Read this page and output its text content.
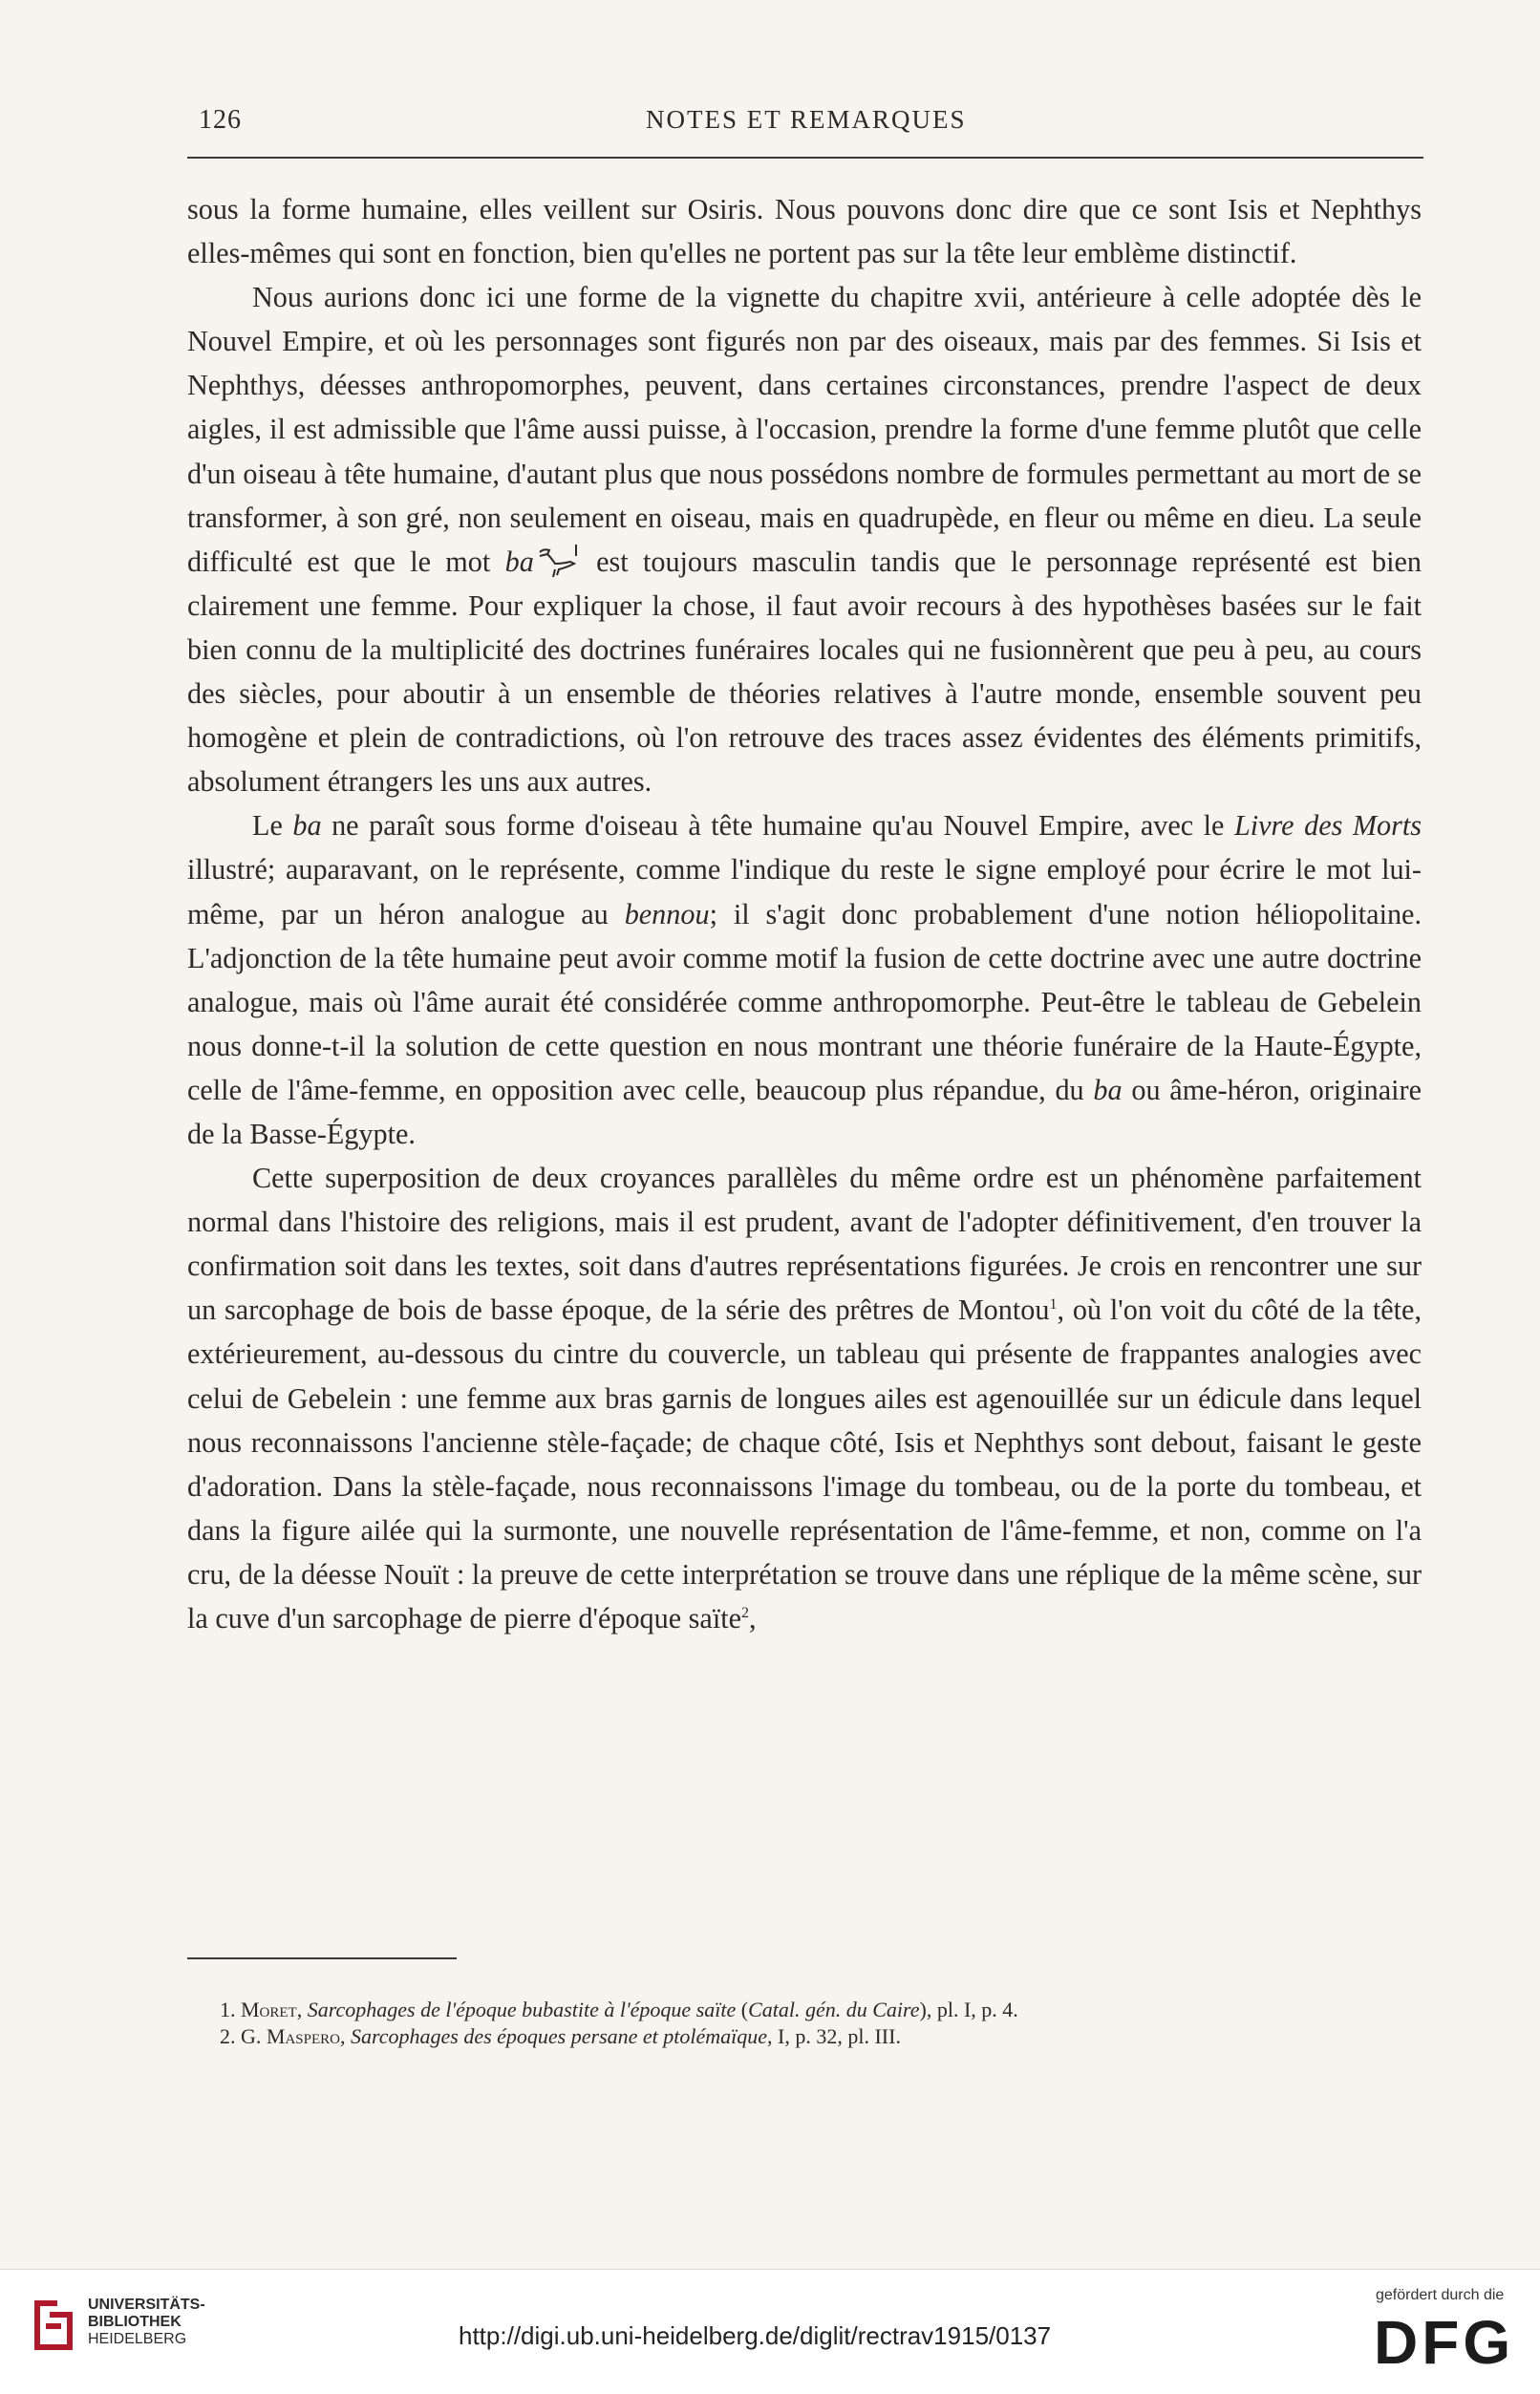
126	NOTES ET REMARQUES

sous la forme humaine, elles veillent sur Osiris. Nous pouvons donc dire que ce sont Isis et Nephthys elles-mêmes qui sont en fonction, bien qu'elles ne portent pas sur la tête leur emblème distinctif.

Nous aurions donc ici une forme de la vignette du chapitre xvii, antérieure à celle adoptée dès le Nouvel Empire, et où les personnages sont figurés non par des oiseaux, mais par des femmes. Si Isis et Nephthys, déesses anthropomorphes, peuvent, dans certaines circonstances, prendre l'aspect de deux aigles, il est admissible que l'âme aussi puisse, à l'occasion, prendre la forme d'une femme plutôt que celle d'un oiseau à tête humaine, d'autant plus que nous possédons nombre de formules permettant au mort de se transformer, à son gré, non seulement en oiseau, mais en quadrupède, en fleur ou même en dieu. La seule difficulté est que le mot ba est toujours masculin tandis que le personnage représenté est bien clairement une femme. Pour expliquer la chose, il faut avoir recours à des hypothèses basées sur le fait bien connu de la multiplicité des doctrines funéraires locales qui ne fusionnèrent que peu à peu, au cours des siècles, pour aboutir à un ensemble de théories relatives à l'autre monde, ensemble souvent peu homogène et plein de contradictions, où l'on retrouve des traces assez évidentes des éléments primitifs, absolument étrangers les uns aux autres.

Le ba ne paraît sous forme d'oiseau à tête humaine qu'au Nouvel Empire, avec le Livre des Morts illustré; auparavant, on le représente, comme l'indique du reste le signe employé pour écrire le mot lui-même, par un héron analogue au bennou; il s'agit donc probablement d'une notion héliopolitaine. L'adjonction de la tête humaine peut avoir comme motif la fusion de cette doctrine avec une autre doctrine analogue, mais où l'âme aurait été considérée comme anthropomorphe. Peut-être le tableau de Gebelein nous donne-t-il la solution de cette question en nous montrant une théorie funéraire de la Haute-Égypte, celle de l'âme-femme, en opposition avec celle, beaucoup plus répandue, du ba ou âme-héron, originaire de la Basse-Égypte.

Cette superposition de deux croyances parallèles du même ordre est un phénomène parfaitement normal dans l'histoire des religions, mais il est prudent, avant de l'adopter définitivement, d'en trouver la confirmation soit dans les textes, soit dans d'autres représentations figurées. Je crois en rencontrer une sur un sarcophage de bois de basse époque, de la série des prêtres de Montou$^1$, où l'on voit du côté de la tête, extérieurement, au-dessous du cintre du couvercle, un tableau qui présente de frappantes analogies avec celui de Gebelein : une femme aux bras garnis de longues ailes est agenouillée sur un édicule dans lequel nous reconnaissons l'ancienne stèle-façade; de chaque côté, Isis et Nephthys sont debout, faisant le geste d'adoration. Dans la stèle-façade, nous reconnaissons l'image du tombeau, ou de la porte du tombeau, et dans la figure ailée qui la surmonte, une nouvelle représentation de l'âme-femme, et non, comme on l'a cru, de la déesse Nouït : la preuve de cette interprétation se trouve dans une réplique de la même scène, sur la cuve d'un sarcophage de pierre d'époque saïte$^2$,

1. Moret, Sarcophages de l'époque bubastite à l'époque saïte (Catal. gén. du Caire), pl. I, p. 4.
2. G. Maspero, Sarcophages des époques persane et ptolémaïque, I, p. 32, pl. III.
UNIVERSITÄTS-
BIBLIOTHEK
HEIDELBERG	http://digi.ub.uni-heidelberg.de/diglit/rectrav1915/0137
gefördert durch die
DFG
